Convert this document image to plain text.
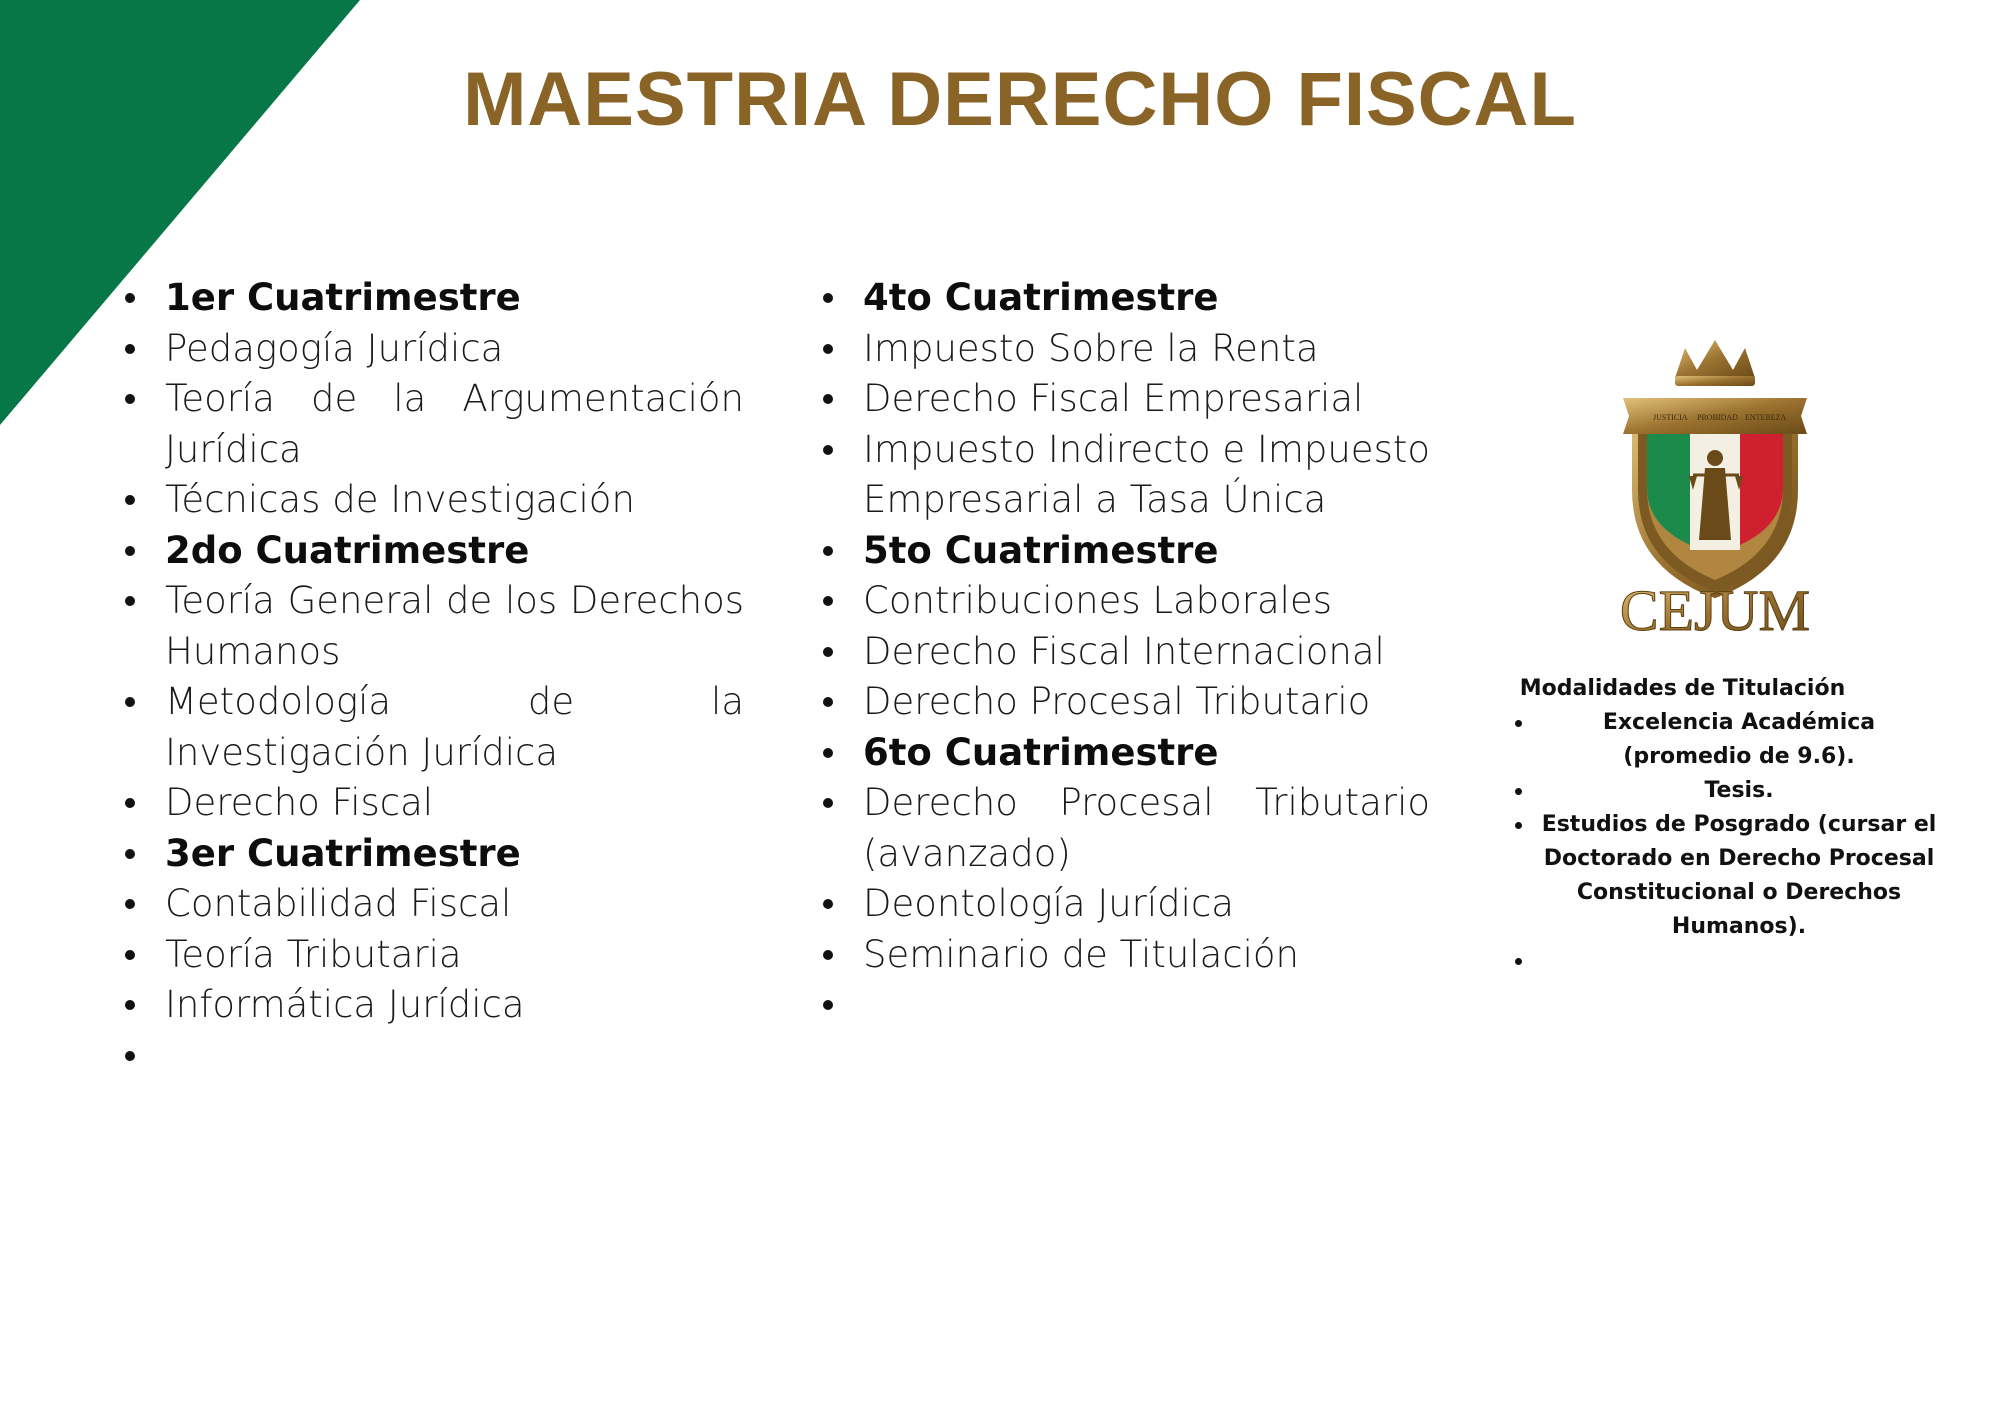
MAESTRIA DERECHO FISCAL
1er Cuatrimestre
Pedagogía Jurídica
Teoría de la Argumentación Jurídica
Técnicas de Investigación
2do Cuatrimestre
Teoría General de los Derechos Humanos
Metodología de la Investigación Jurídica
Derecho Fiscal
3er Cuatrimestre
Contabilidad Fiscal
Teoría Tributaria
Informática Jurídica
4to Cuatrimestre
Impuesto Sobre la Renta
Derecho Fiscal Empresarial
Impuesto Indirecto e Impuesto Empresarial a Tasa Única
5to Cuatrimestre
Contribuciones Laborales
Derecho Fiscal Internacional
Derecho Procesal Tributario
6to Cuatrimestre
Derecho Procesal Tributario (avanzado)
Deontología Jurídica
Seminario de Titulación
JUSTICIA PROBIDAD ENTEREZA
CEJUM
Modalidades de Titulación
Excelencia Académica
(promedio de 9.6).
Tesis.
Estudios de Posgrado (cursar el
Doctorado en Derecho Procesal
Constitucional o Derechos
Humanos).
